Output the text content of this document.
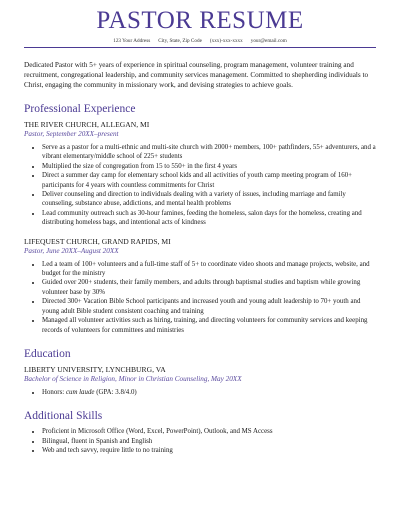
PASTOR RESUME
123 Your Address City, State, Zip Code (xxx)-xxx-xxxx your@email.com

Dedicated Pastor with 5+ years of experience in spiritual counseling, program management, volunteer training and recruitment, congregational leadership, and community services management. Committed to shepherding individuals to Christ, engaging the community in missionary work, and devising strategies to achieve goals.

Professional Experience

THE RIVER CHURCH, ALLEGAN, MI

Pastor, September 20XX–present

• Serve as a pastor for a multi-ethnic and multi-site church with 2000+ members, 100+ pathfinders, 55+ adventurers, and a vibrant elementary/middle school of 225+ students
• Multiplied the size of congregation from 15 to 550+ in the first 4 years
• Direct a summer day camp for elementary school kids and all activities of youth camp meeting program of 160+ participants for 4 years with countless commitments for Christ
• Deliver counseling and direction to individuals dealing with a variety of issues, including marriage and family counseling, substance abuse, addictions, and mental health problems
• Lead community outreach such as 30-hour famines, feeding the homeless, salon days for the homeless, creating and distributing homeless bags, and intentional acts of kindness

LIFEQUEST CHURCH, GRAND RAPIDS, MI

Pastor, June 20XX–August 20XX

• Led a team of 100+ volunteers and a full-time staff of 5+ to coordinate video shoots and manage projects, website, and budget for the ministry
• Guided over 200+ students, their family members, and adults through baptismal studies and baptism while growing volunteer base by 30%
• Directed 300+ Vacation Bible School participants and increased youth and young adult leadership to 70+ youth and young adult Bible student consistent coaching and training
• Managed all volunteer activities such as hiring, training, and directing volunteers for community services and keeping records of volunteers for committees and ministries
Education

LIBERTY UNIVERSITY, LYNCHBURG, VA

Bachelor of Science in Religion, Minor in Christian Counseling, May 20XX

• Honors: cum laude (GPA: 3.8/4.0)
Additional Skills
• Proficient in Microsoft Office (Word, Excel, PowerPoint), Outlook, and MS Access
• Bilingual, fluent in Spanish and English
• Web and tech savvy, require little to no training
